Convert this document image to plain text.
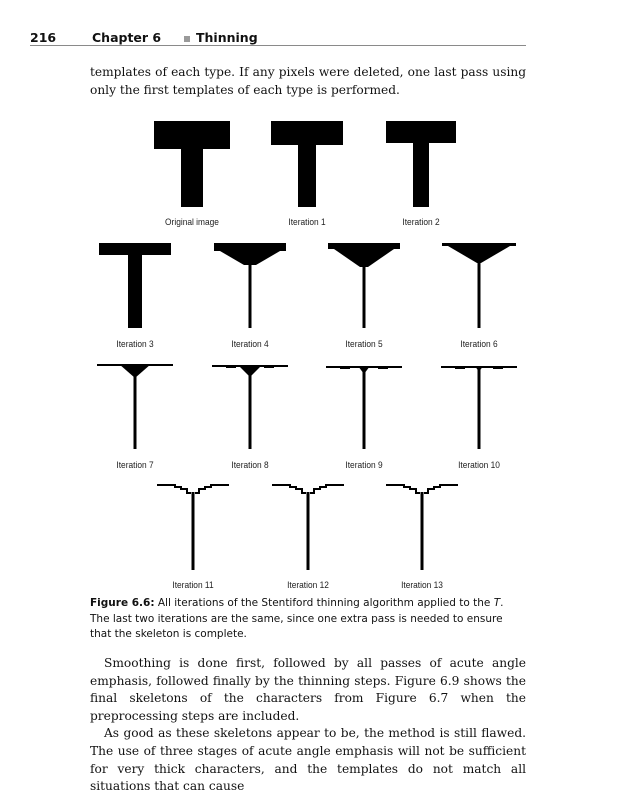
216	Chapter 6	Thinning

templates of each type. If any pixels were deleted, one last pass using only the first templates of each type is performed.

Original image	Iteration 1	Iteration 2
Iteration 3	Iteration 4	Iteration 5	Iteration 6
Iteration 7	Iteration 8	Iteration 9	Iteration 10
Iteration 11	Iteration 12	Iteration 13
Figure 6.6: All iterations of the Stentiford thinning algorithm applied to the T. The last two iterations are the same, since one extra pass is needed to ensure that the skeleton is complete.

Smoothing is done first, followed by all passes of acute angle emphasis, followed finally by the thinning steps. Figure 6.9 shows the final skeletons of the characters from Figure 6.7 when the preprocessing steps are included.

As good as these skeletons appear to be, the method is still flawed. The use of three stages of acute angle emphasis will not be sufficient for very thick characters, and the templates do not match all situations that can cause
